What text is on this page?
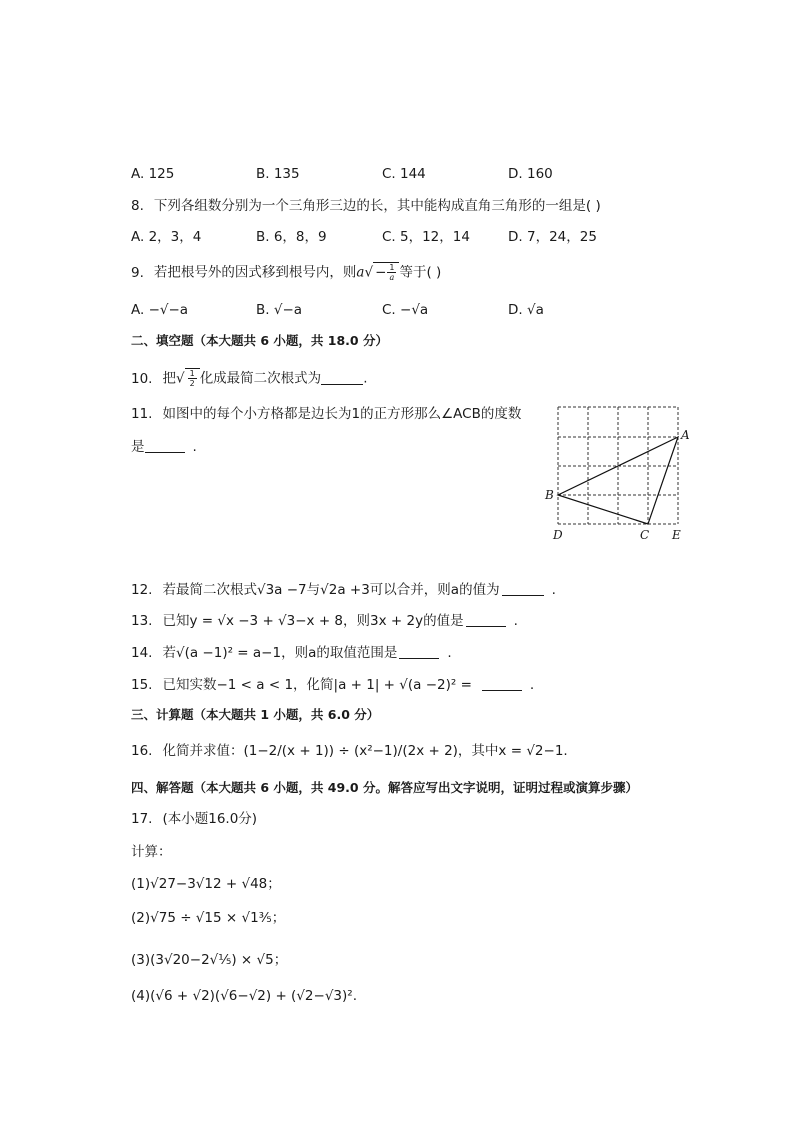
A. 125	B. 135	C. 144	D. 160
8. 下列各组数分别为一个三角形三边的长，其中能构成直角三角形的一组是( )
A. 2，3，4	B. 6，8，9	C. 5，12，14	D. 7，24，25
9. 若把根号外的因式移到根号内，则$a√ - \frac{1}{a}$ 等于( )
A. −√−a	B. √−a	C. −√a	D. √a
二、填空题（本大题共 6 小题，共 18.0 分）
10. 把√ $\frac{1}{2}$ 化成最简二次根式为	.
11. 如图中的每个小方格都是边长为1的正方形那么∠ACB的度数
是	.
A
B
C
D	E
12. 若最简二次根式√3a −7与√2a +3可以合并，则a的值为	.
13. 已知y = √x −3 + √3−x + 8，则3x + 2y的值是	.
14. 若√(a −1)² = a−1，则a的取值范围是	.
15. 已知实数−1 < a < 1，化简|a + 1| + √(a −2)² =	.
三、计算题（本大题共 1 小题，共 6.0 分）
16. 化简并求值：(1−2/(x + 1)) ÷ (x²−1)/(2x + 2)，其中x = √2−1.
四、解答题（本大题共 6 小题，共 49.0 分。解答应写出文字说明，证明过程或演算步骤）
17. (本小题16.0分)
计算：
(1)√27−3√12 + √48；
(2)√75 ÷ √15 × √1⅗；
(3)(3√20−2√⅕) × √5；
(4)(√6 + √2)(√6−√2) + (√2−√3)².
